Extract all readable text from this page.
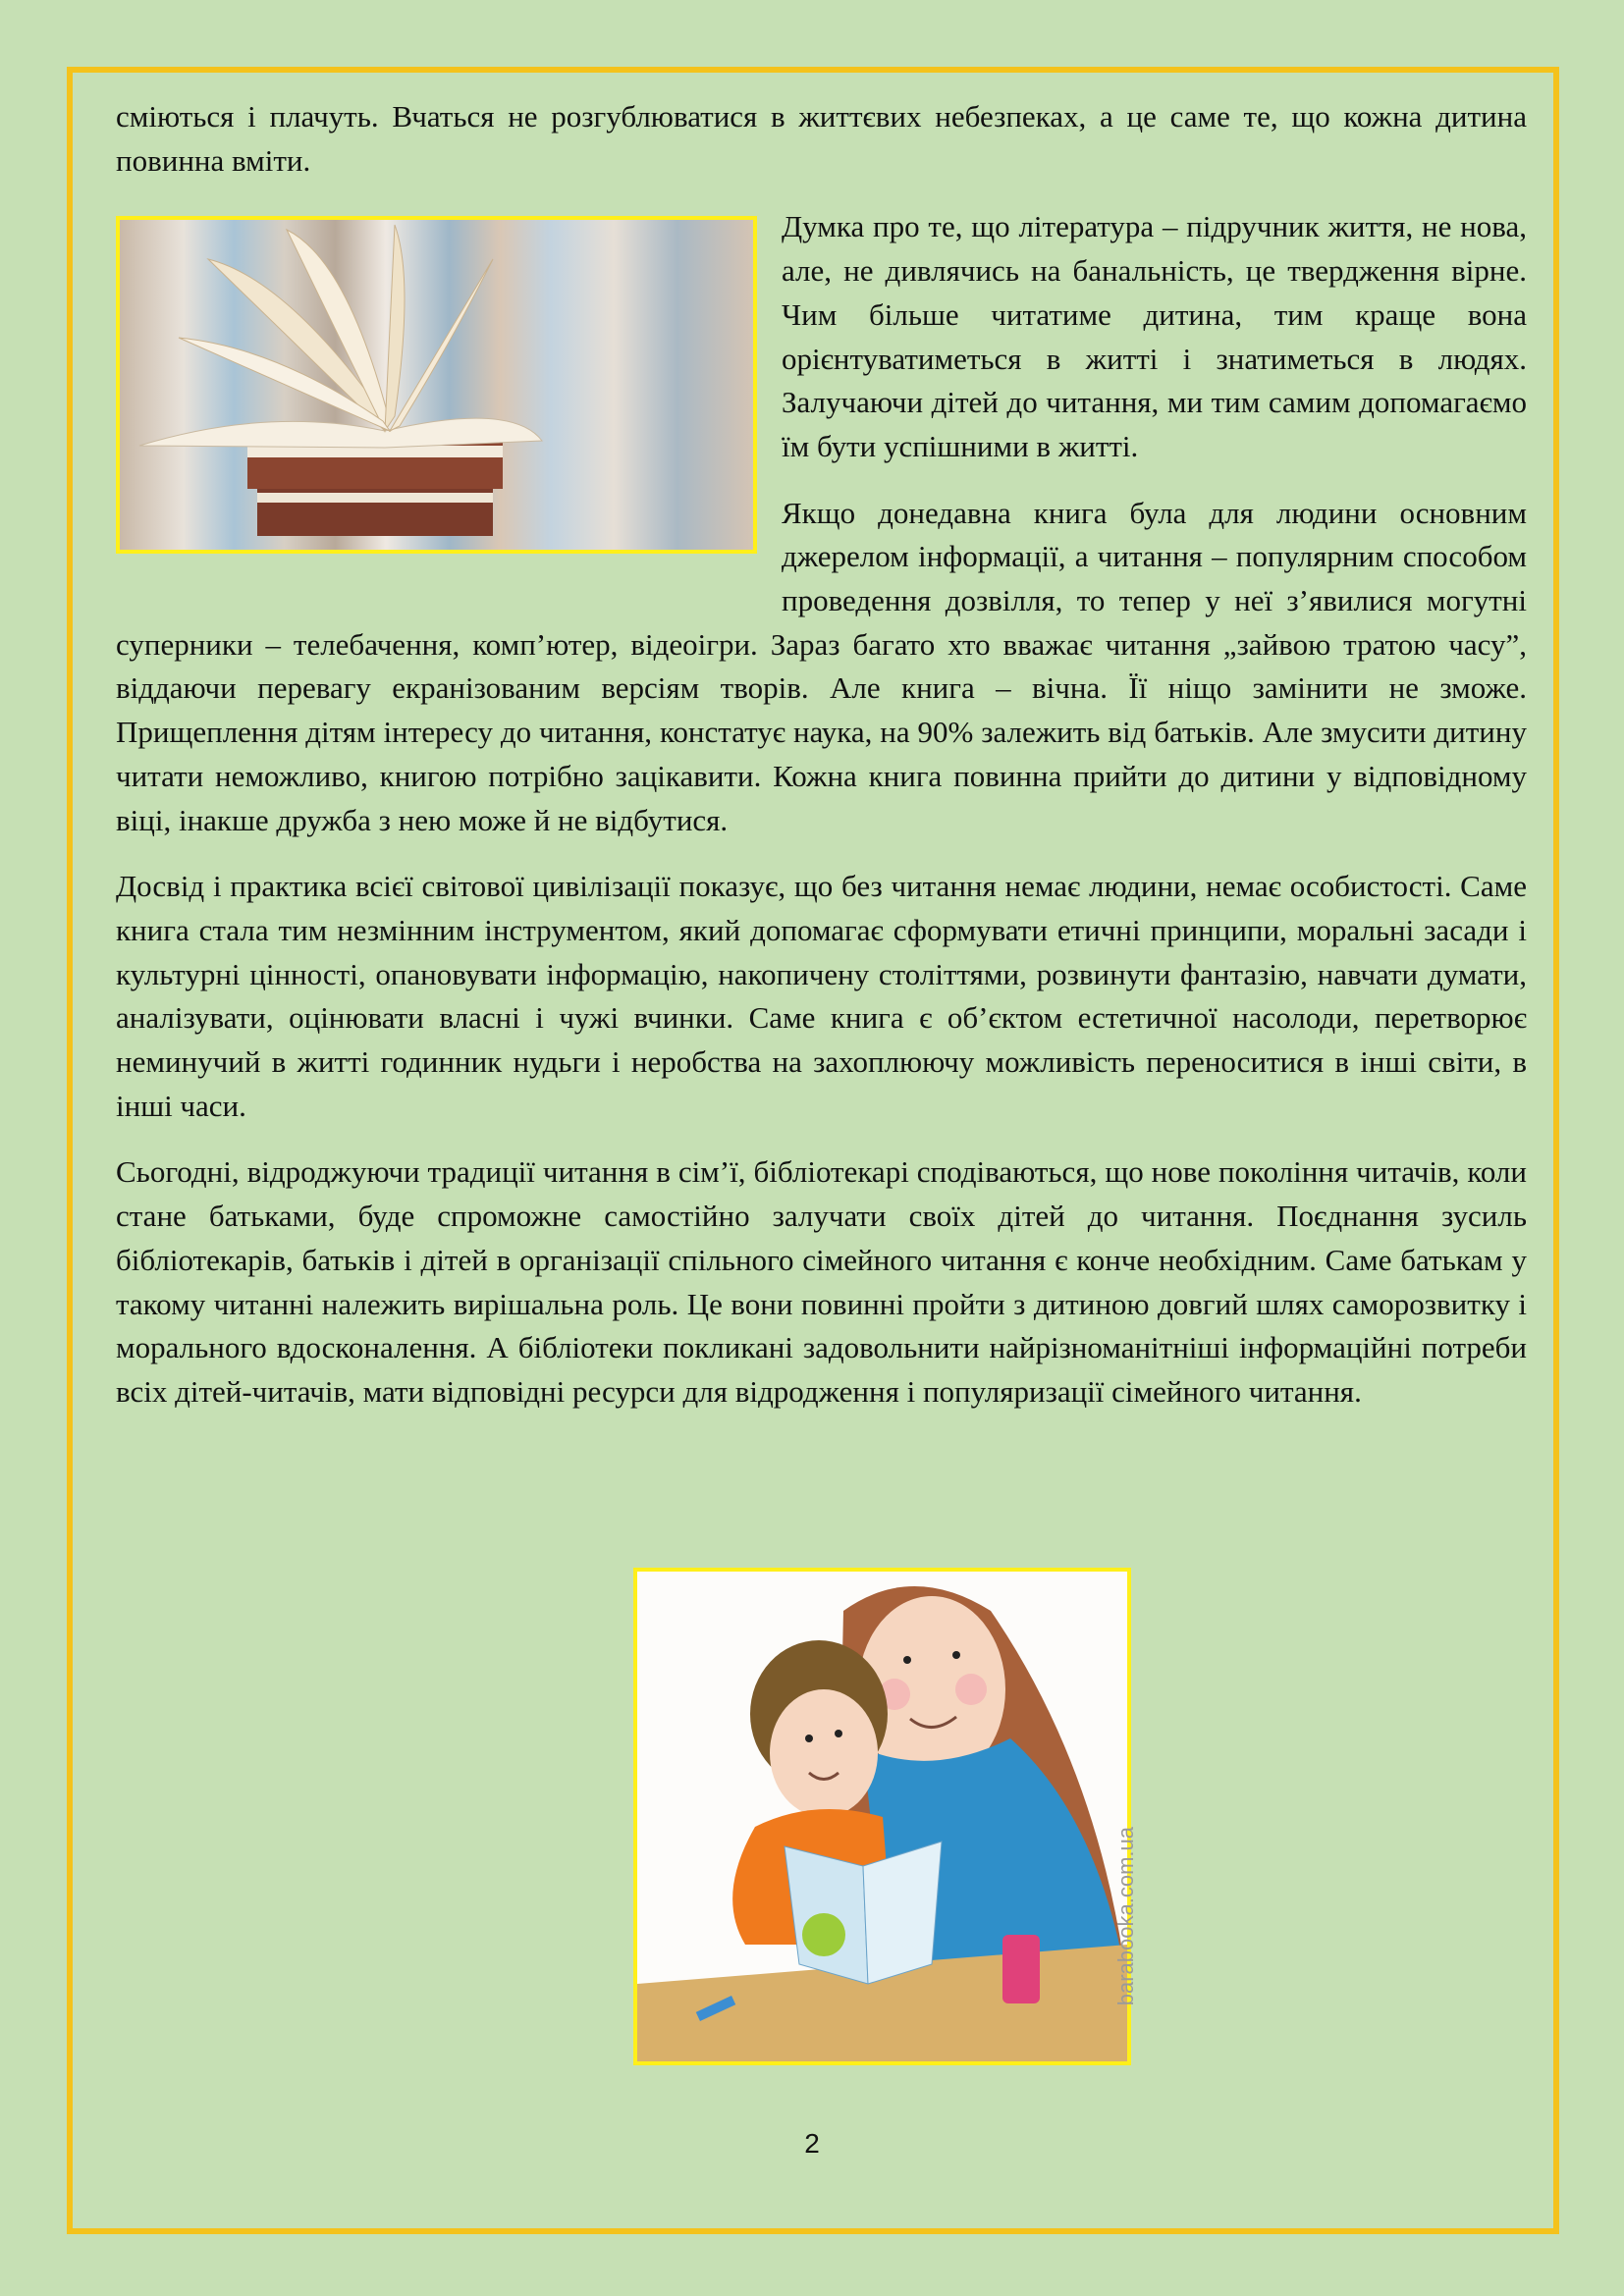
сміються і плачуть. Вчаться не розгублюватися в життєвих небезпеках, а це саме те, що кожна дитина повинна вміти.

Думка про те, що література – підручник життя, не нова, але, не дивлячись на банальність, це твердження вірне. Чим більше читатиме дитина, тим краще вона орієнтуватиметься в житті і знатиметься в людях. Залучаючи дітей до читання, ми тим самим допомагаємо їм бути успішними в житті.

Якщо донедавна книга була для людини основним джерелом інформації, а читання – популярним способом проведення дозвілля, то тепер у неї з’явилися могутні суперники – телебачення, комп’ютер, відеоігри. Зараз багато хто вважає читання „зайвою тратою часу”, віддаючи перевагу екранізованим версіям творів. Але книга – вічна. Її ніщо замінити не зможе. Прищеплення дітям інтересу до читання, констатує наука, на 90% залежить від батьків. Але змусити дитину читати неможливо, книгою потрібно зацікавити. Кожна книга повинна прийти до дитини у відповідному віці, інакше дружба з нею може й не відбутися.

Досвід і практика всієї світової цивілізації показує, що без читання немає людини, немає особистості. Саме книга стала тим незмінним інструментом, який допомагає сформувати етичні принципи, моральні засади і культурні цінності, опановувати інформацію, накопичену століттями, розвинути фантазію, навчати думати, аналізувати, оцінювати власні і чужі вчинки. Саме книга є об’єктом естетичної насолоди, перетворює неминучий в житті годинник нудьги і неробства на захоплюючу можливість переноситися в інші світи, в інші часи.

Сьогодні, відроджуючи традиції читання в сім’ї, бібліотекарі сподіваються, що нове покоління читачів, коли стане батьками, буде спроможне самостійно залучати своїх дітей до читання. Поєднання зусиль бібліотекарів, батьків і дітей в організації спільного сімейного читання є конче необхідним. Саме батькам у такому читанні належить вирішальна роль. Це вони повинні пройти з дитиною довгий шлях саморозвитку і морального вдосконалення. А бібліотеки покликані задовольнити найрізноманітніші інформаційні потреби всіх дітей-читачів, мати відповідні ресурси для відродження і популяризації сімейного читання.

barabooka.com.ua
2
